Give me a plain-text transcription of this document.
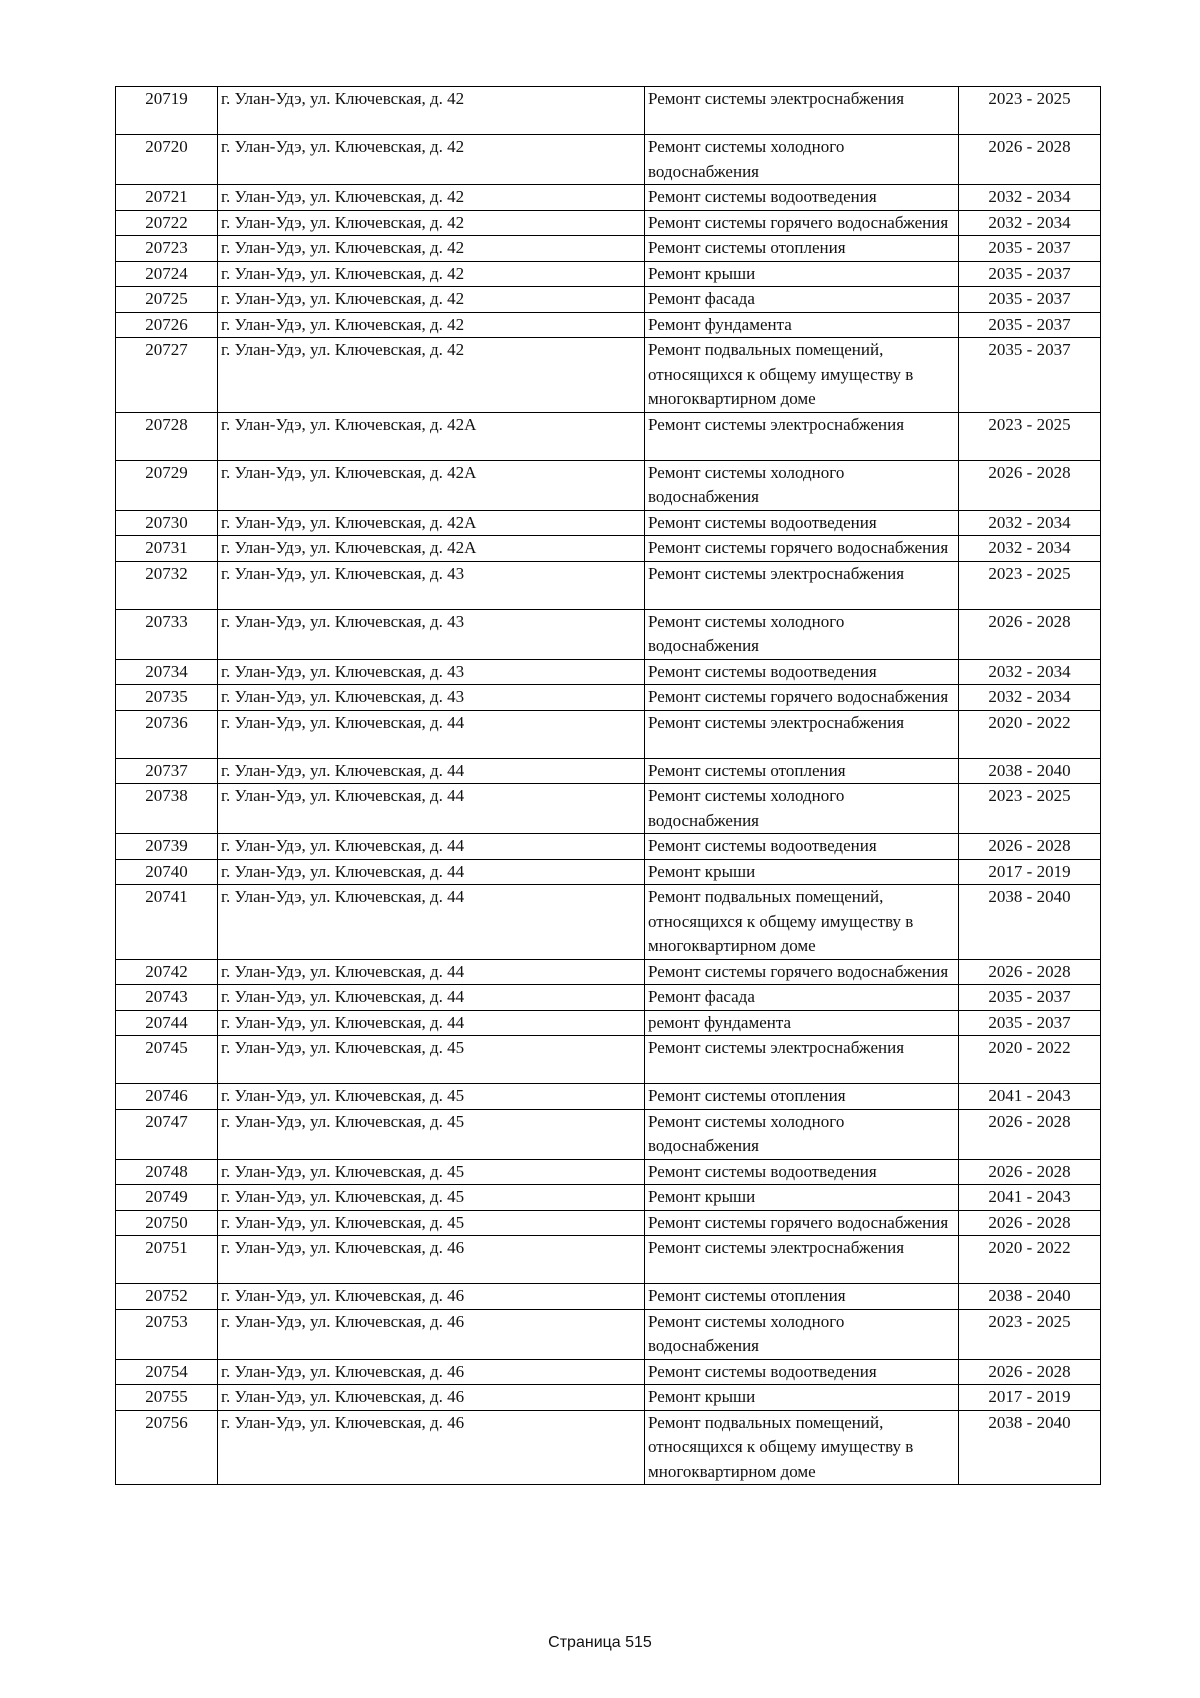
20719	г. Улан-Удэ, ул. Ключевская, д. 42	Ремонт системы электроснабжения	2023 - 2025
20720	г. Улан-Удэ, ул. Ключевская, д. 42	Ремонт системы холодного водоснабжения	2026 - 2028
20721	г. Улан-Удэ, ул. Ключевская, д. 42	Ремонт системы водоотведения	2032 - 2034
20722	г. Улан-Удэ, ул. Ключевская, д. 42	Ремонт системы горячего водоснабжения	2032 - 2034
20723	г. Улан-Удэ, ул. Ключевская, д. 42	Ремонт системы отопления	2035 - 2037
20724	г. Улан-Удэ, ул. Ключевская, д. 42	Ремонт крыши	2035 - 2037
20725	г. Улан-Удэ, ул. Ключевская, д. 42	Ремонт фасада	2035 - 2037
20726	г. Улан-Удэ, ул. Ключевская, д. 42	Ремонт фундамента	2035 - 2037
20727	г. Улан-Удэ, ул. Ключевская, д. 42	Ремонт подвальных помещений, относящихся к общему имуществу в многоквартирном доме	2035 - 2037
20728	г. Улан-Удэ, ул. Ключевская, д. 42А	Ремонт системы электроснабжения	2023 - 2025
20729	г. Улан-Удэ, ул. Ключевская, д. 42А	Ремонт системы холодного водоснабжения	2026 - 2028
20730	г. Улан-Удэ, ул. Ключевская, д. 42А	Ремонт системы водоотведения	2032 - 2034
20731	г. Улан-Удэ, ул. Ключевская, д. 42А	Ремонт системы горячего водоснабжения	2032 - 2034
20732	г. Улан-Удэ, ул. Ключевская, д. 43	Ремонт системы электроснабжения	2023 - 2025
20733	г. Улан-Удэ, ул. Ключевская, д. 43	Ремонт системы холодного водоснабжения	2026 - 2028
20734	г. Улан-Удэ, ул. Ключевская, д. 43	Ремонт системы водоотведения	2032 - 2034
20735	г. Улан-Удэ, ул. Ключевская, д. 43	Ремонт системы горячего водоснабжения	2032 - 2034
20736	г. Улан-Удэ, ул. Ключевская, д. 44	Ремонт системы электроснабжения	2020 - 2022
20737	г. Улан-Удэ, ул. Ключевская, д. 44	Ремонт системы отопления	2038 - 2040
20738	г. Улан-Удэ, ул. Ключевская, д. 44	Ремонт системы холодного водоснабжения	2023 - 2025
20739	г. Улан-Удэ, ул. Ключевская, д. 44	Ремонт системы водоотведения	2026 - 2028
20740	г. Улан-Удэ, ул. Ключевская, д. 44	Ремонт крыши	2017 - 2019
20741	г. Улан-Удэ, ул. Ключевская, д. 44	Ремонт подвальных помещений, относящихся к общему имуществу в многоквартирном доме	2038 - 2040
20742	г. Улан-Удэ, ул. Ключевская, д. 44	Ремонт системы горячего водоснабжения	2026 - 2028
20743	г. Улан-Удэ, ул. Ключевская, д. 44	Ремонт фасада	2035 - 2037
20744	г. Улан-Удэ, ул. Ключевская, д. 44	ремонт фундамента	2035 - 2037
20745	г. Улан-Удэ, ул. Ключевская, д. 45	Ремонт системы электроснабжения	2020 - 2022
20746	г. Улан-Удэ, ул. Ключевская, д. 45	Ремонт системы отопления	2041 - 2043
20747	г. Улан-Удэ, ул. Ключевская, д. 45	Ремонт системы холодного водоснабжения	2026 - 2028
20748	г. Улан-Удэ, ул. Ключевская, д. 45	Ремонт системы водоотведения	2026 - 2028
20749	г. Улан-Удэ, ул. Ключевская, д. 45	Ремонт крыши	2041 - 2043
20750	г. Улан-Удэ, ул. Ключевская, д. 45	Ремонт системы горячего водоснабжения	2026 - 2028
20751	г. Улан-Удэ, ул. Ключевская, д. 46	Ремонт системы электроснабжения	2020 - 2022
20752	г. Улан-Удэ, ул. Ключевская, д. 46	Ремонт системы отопления	2038 - 2040
20753	г. Улан-Удэ, ул. Ключевская, д. 46	Ремонт системы холодного водоснабжения	2023 - 2025
20754	г. Улан-Удэ, ул. Ключевская, д. 46	Ремонт системы водоотведения	2026 - 2028
20755	г. Улан-Удэ, ул. Ключевская, д. 46	Ремонт крыши	2017 - 2019
20756	г. Улан-Удэ, ул. Ключевская, д. 46	Ремонт подвальных помещений, относящихся к общему имуществу в многоквартирном доме	2038 - 2040
Страница 515
